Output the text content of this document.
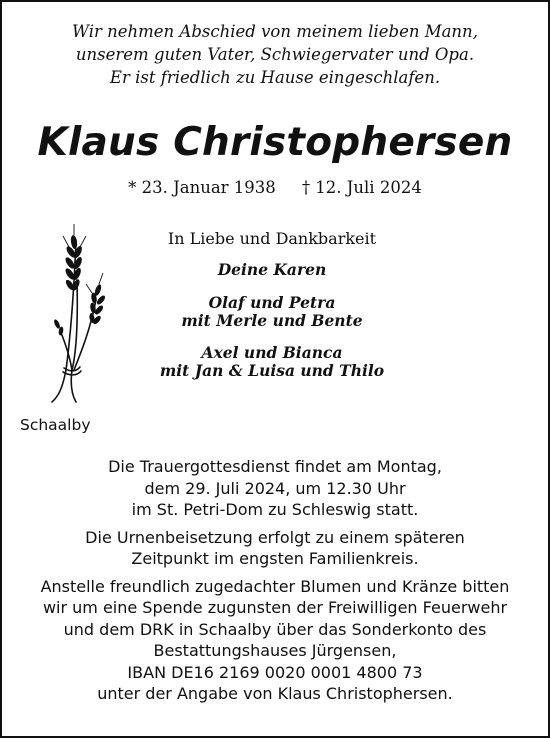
Wir nehmen Abschied von meinem lieben Mann,
unserem guten Vater, Schwiegervater und Opa.
Er ist friedlich zu Hause eingeschlafen.
Klaus Christophersen
* 23. Januar 1938 † 12. Juli 2024
In Liebe und Dankbarkeit
Deine Karen
Olaf und Petra
mit Merle und Bente
Axel und Bianca
mit Jan & Luisa und Thilo
Schaalby
Die Trauergottesdienst findet am Montag,
dem 29. Juli 2024, um 12.30 Uhr
im St. Petri-Dom zu Schleswig statt.
Die Urnenbeisetzung erfolgt zu einem späteren
Zeitpunkt im engsten Familienkreis.
Anstelle freundlich zugedachter Blumen und Kränze bitten
wir um eine Spende zugunsten der Freiwilligen Feuerwehr
und dem DRK in Schaalby über das Sonderkonto des
Bestattungshauses Jürgensen,
IBAN DE16 2169 0020 0001 4800 73
unter der Angabe von Klaus Christophersen.
